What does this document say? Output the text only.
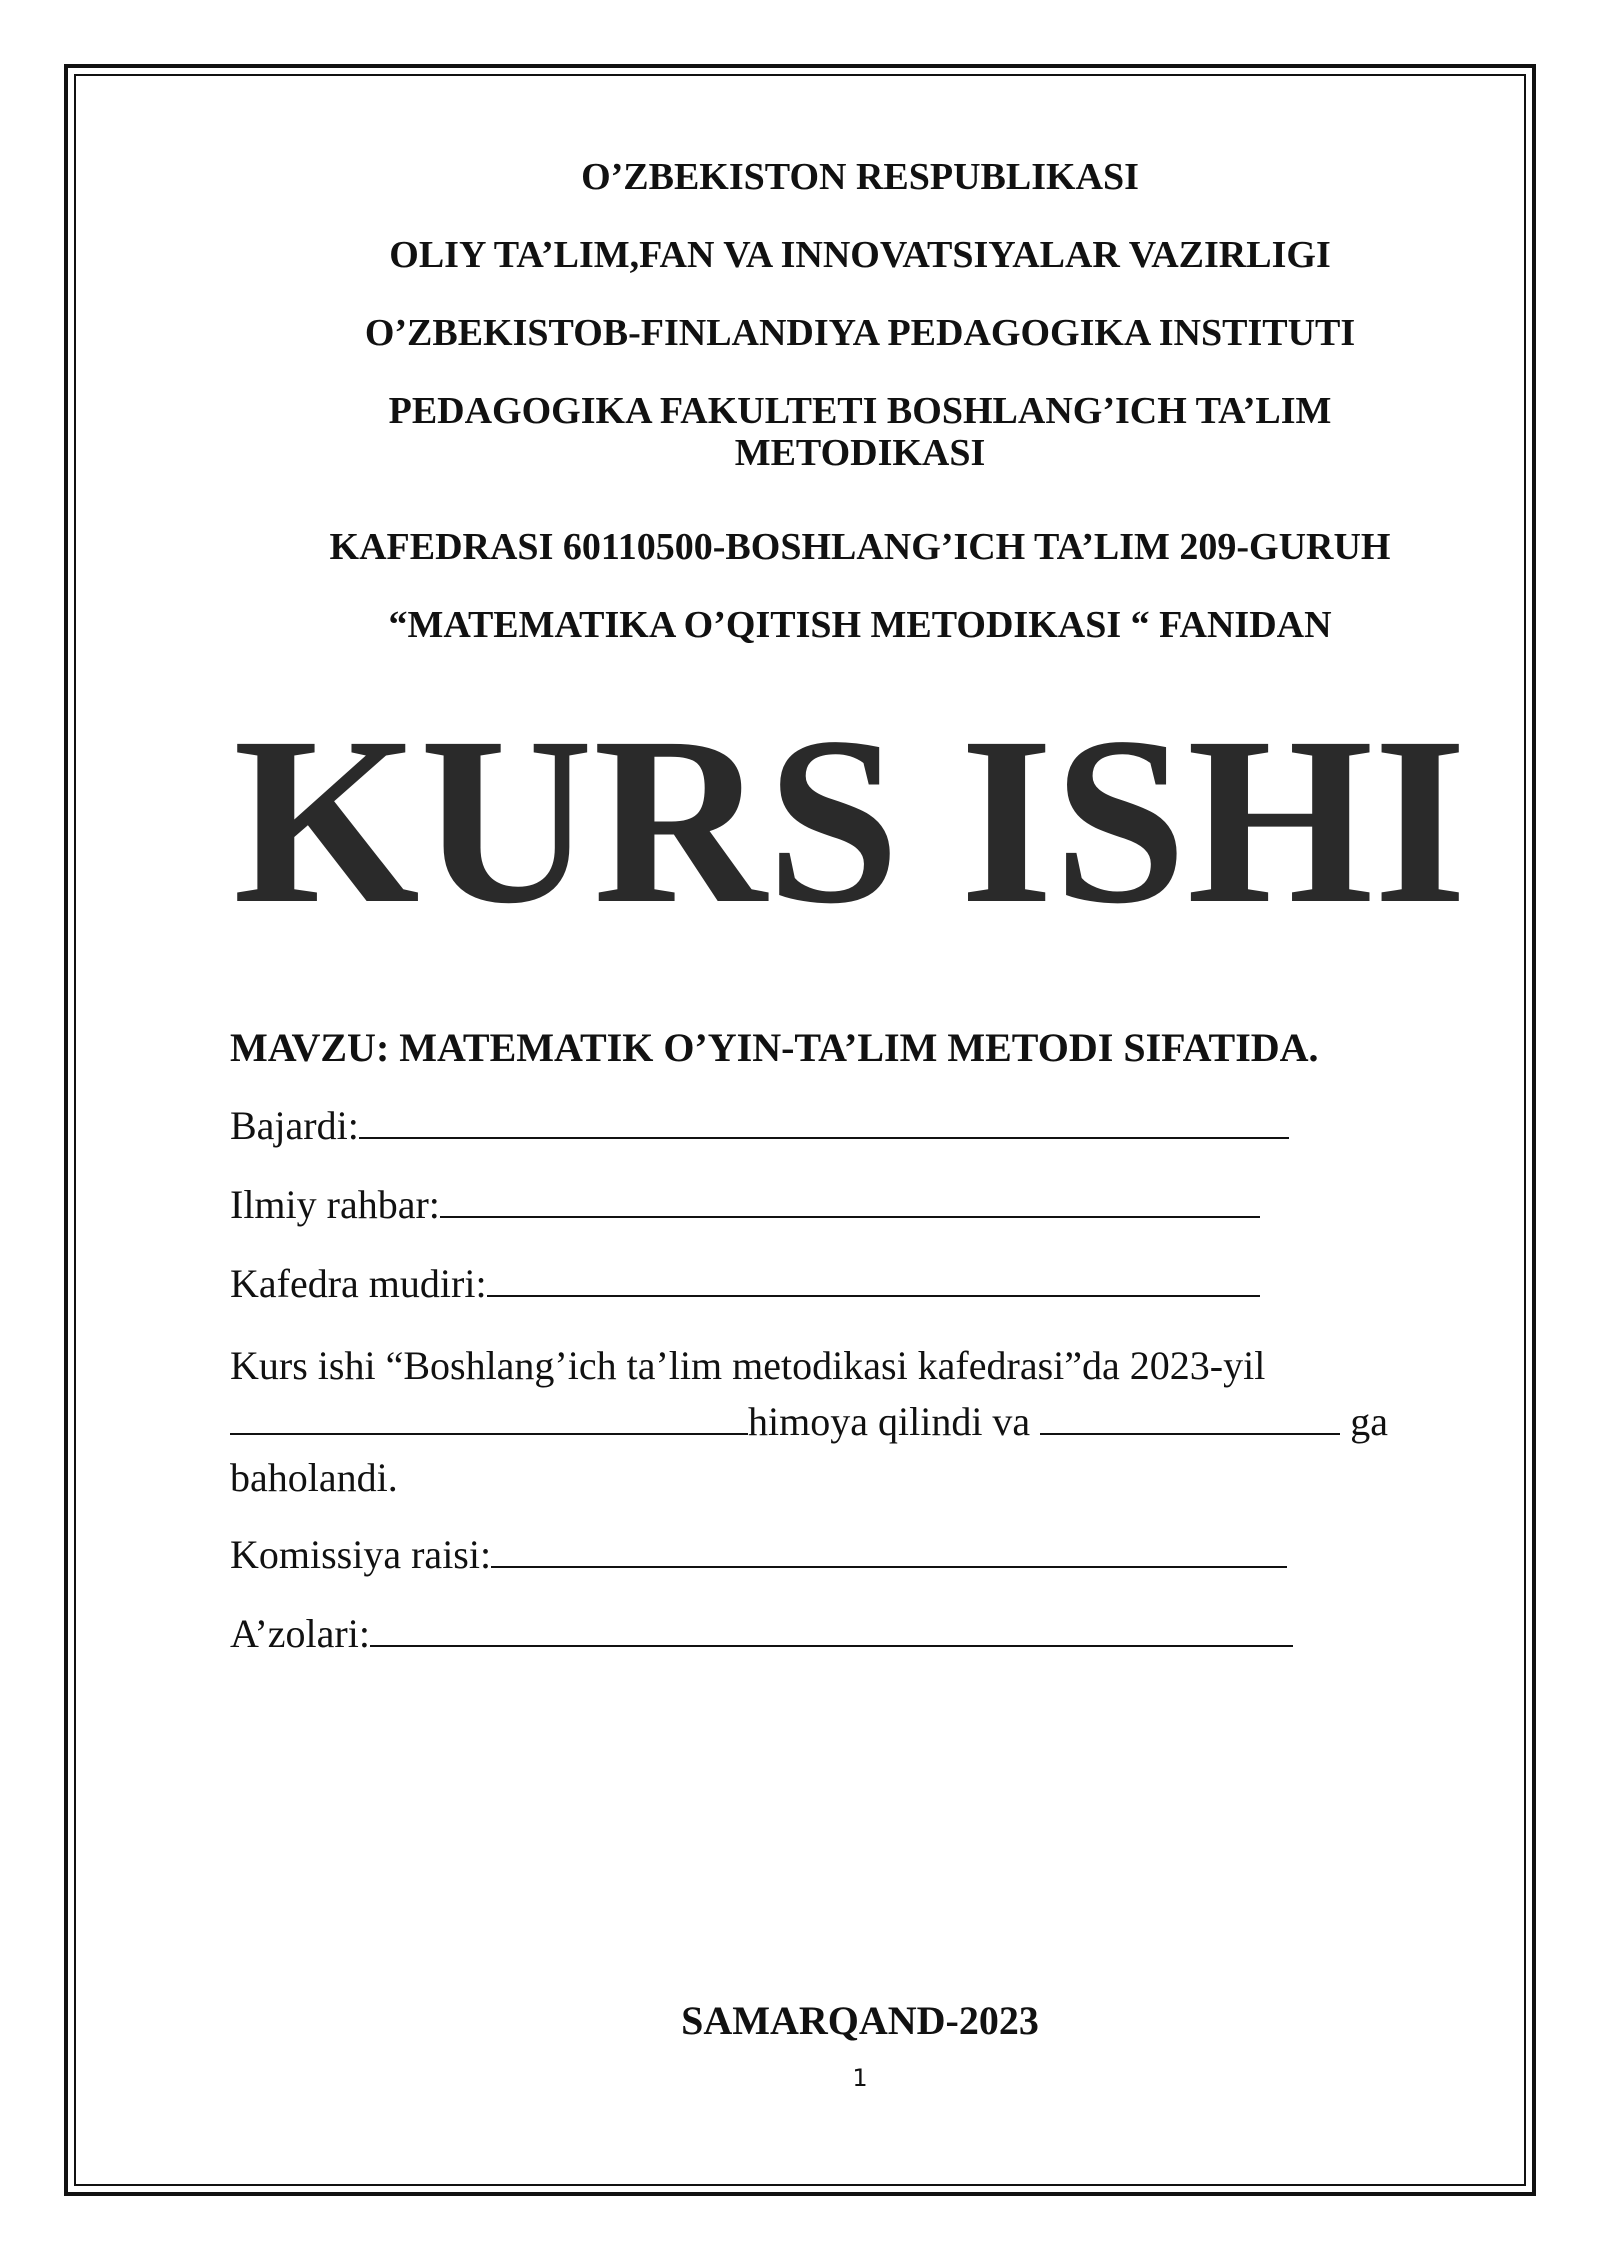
O’ZBEKISTON RESPUBLIKASI
OLIY TA’LIM,FAN VA INNOVATSIYALAR VAZIRLIGI
O’ZBEKISTOB-FINLANDIYA PEDAGOGIKA INSTITUTI
PEDAGOGIKA FAKULTETI BOSHLANG’ICH TA’LIM
METODIKASI
KAFEDRASI 60110500-BOSHLANG’ICH TA’LIM 209-GURUH
“MATEMATIKA O’QITISH METODIKASI “ FANIDAN
KURS ISHI
MAVZU: MATEMATIK O’YIN-TA’LIM METODI SIFATIDA.
Bajardi:
Ilmiy rahbar:
Kafedra mudiri:
Kurs ishi “Boshlang’ich ta’lim metodikasi kafedrasi”da 2023-yil
himoya qilindi va	ga
baholandi.
Komissiya raisi:
A’zolari:
SAMARQAND-2023
1
